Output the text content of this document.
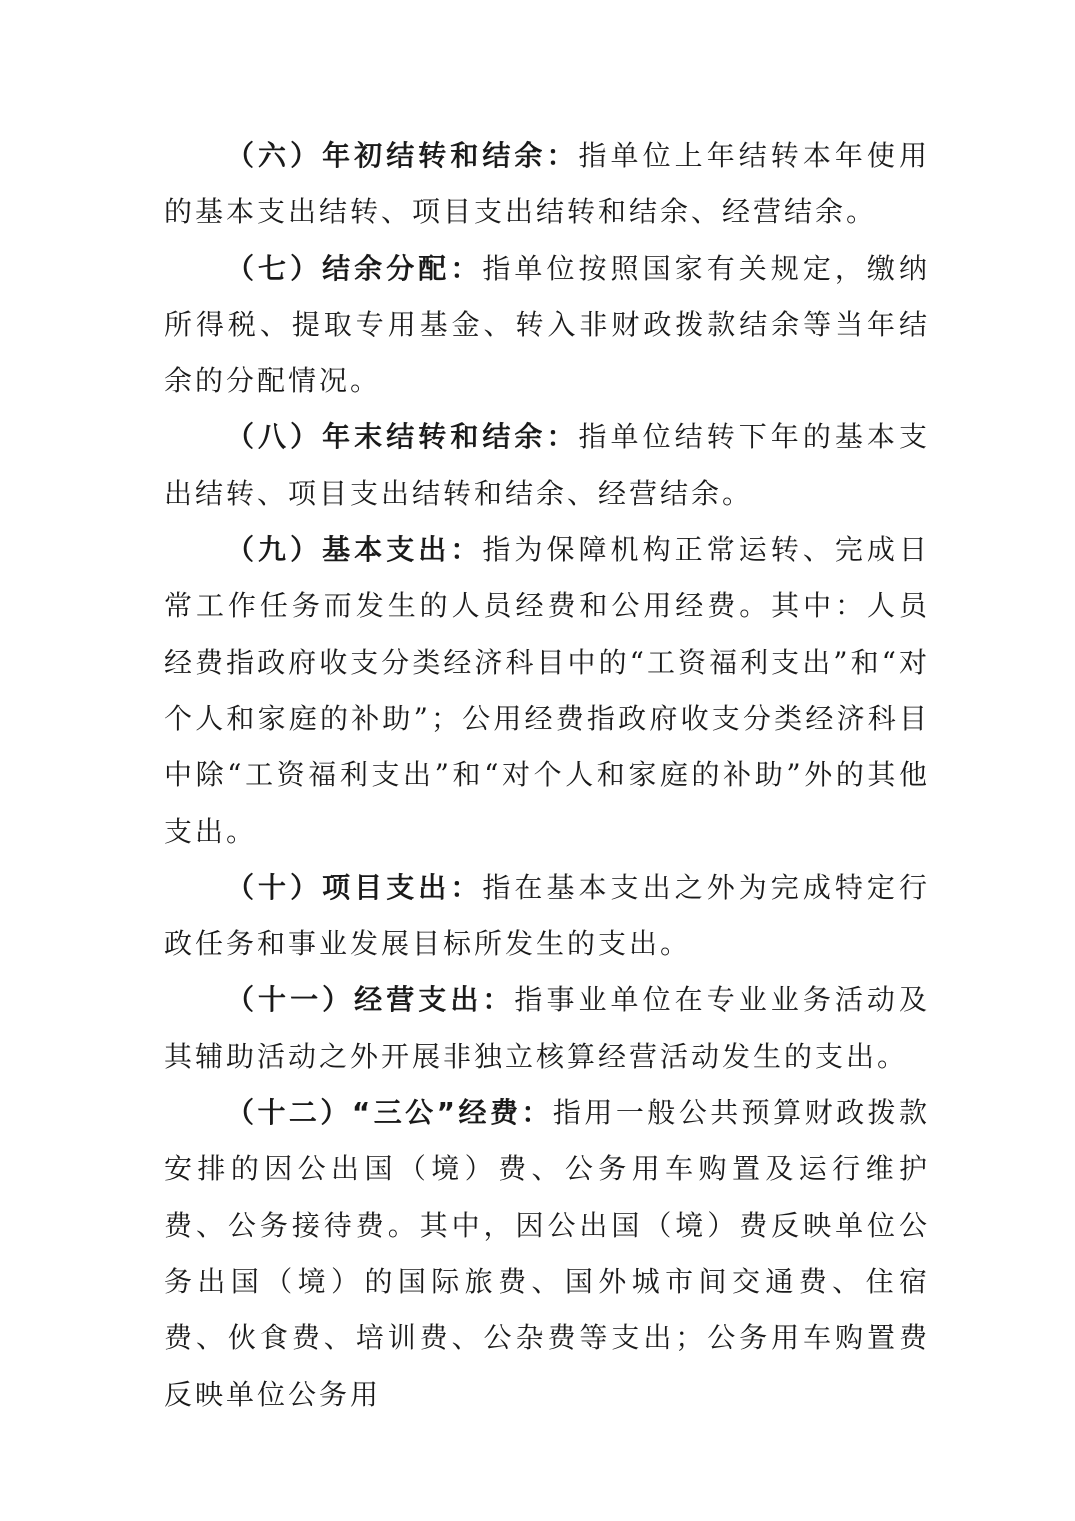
（六）年初结转和结余：指单位上年结转本年使用的基本支出结转、项目支出结转和结余、经营结余。

（七）结余分配：指单位按照国家有关规定，缴纳所得税、提取专用基金、转入非财政拨款结余等当年结余的分配情况。

（八）年末结转和结余：指单位结转下年的基本支出结转、项目支出结转和结余、经营结余。

（九）基本支出：指为保障机构正常运转、完成日常工作任务而发生的人员经费和公用经费。其中：人员经费指政府收支分类经济科目中的“工资福利支出”和“对个人和家庭的补助”；公用经费指政府收支分类经济科目中除“工资福利支出”和“对个人和家庭的补助”外的其他支出。

（十）项目支出：指在基本支出之外为完成特定行政任务和事业发展目标所发生的支出。

（十一）经营支出：指事业单位在专业业务活动及其辅助活动之外开展非独立核算经营活动发生的支出。

（十二）“三公”经费：指用一般公共预算财政拨款安排的因公出国（境）费、公务用车购置及运行维护费、公务接待费。其中，因公出国（境）费反映单位公务出国（境）的国际旅费、国外城市间交通费、住宿费、伙食费、培训费、公杂费等支出；公务用车购置费反映单位公务用
